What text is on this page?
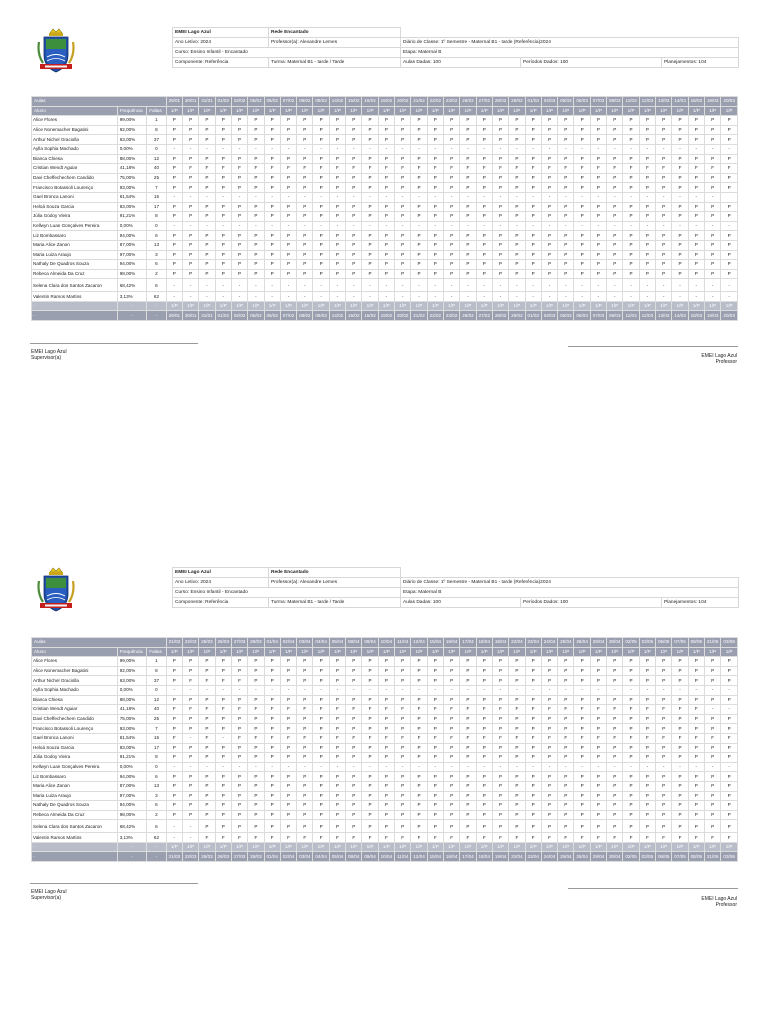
EMEI Lago Azul	Rede Encantado			
Ano Letivo: 2024	Professor(a): Alexandre Lemes	Diário de Classe: 1º Semestre - Maternal B1 - tarde (Referência)2024		
Curso: Ensino Infantil - Encantado		Etapa: Maternal B		
Componente: Referência	Turma: Maternal B1 - tarde / Tarde	Aulas Dadas: 100	Períodos Dados: 100	Planejamentos: 104
Aulas			29/01	30/01	31/01	01/02	02/02	05/02	06/02	07/02	08/02	09/02	14/02	15/02	16/02	19/02	20/02	21/02	22/02	23/02	26/02	27/02	28/02	29/02	01/03	04/03	05/03	06/03	07/03	08/03	11/03	12/03	13/03	14/03	18/03	19/03	20/03
Aluno	Frequência	Faltas	1/P	1/P	1/P	1/P	1/P	1/P	1/P	1/P	1/P	1/P	1/P	1/P	1/P	1/P	1/P	1/P	1/P	1/P	1/P	1/P	1/P	1/P	1/P	1/P	1/P	1/P	1/P	1/P	1/P	1/P	1/P	1/P	1/P	1/P	1/P
Alice Flores	99,00%	1	P	P	P	P	P	P	P	P	P	P	P	P	P	P	P	P	P	P	P	P	P	P	P	P	P	P	P	P	P	P	P	P	P	P	P
Alice Nonemacher Bagatini	92,00%	8	P	P	P	P	P	P	P	P	P	P	P	P	P	P	P	P	P	P	P	P	P	P	P	P	P	P	P	P	P	P	P	P	P	P	P
Arthur Nichel Graciolla	63,00%	37	P	P	P	P	P	P	P	P	P	P	P	P	P	P	P	P	P	P	P	P	P	P	P	P	P	P	P	P	P	P	P	P	P	P	P
Aylla Sophia Machado	0,00%	0	-	-	-	-	-	-	-	-	-	-	-	-	-	-	-	-	-	-	-	-	-	-	-	-	-	-	-	-	-	-	-	-	-	-	-
Bianca Chiesa	88,00%	12	P	P	P	P	P	P	P	P	P	P	P	P	P	P	P	P	P	P	P	P	P	P	P	P	P	P	P	P	P	P	P	P	P	P	P
Cristian Wendt Aguiar	41,18%	40	P	F	F	F	F	F	F	F	F	F	F	F	F	F	F	F	F	F	F	F	F	F	F	F	F	F	F	F	F	F	F	F	F	F	F
Davi Cheffechechem Candido	75,00%	25	P	P	P	P	P	P	P	P	P	P	P	P	P	P	P	P	P	P	P	P	P	P	P	P	P	P	P	P	P	P	P	P	P	P	P
Francisco Botassoli Lourenço	93,00%	7	P	P	P	P	P	P	P	P	P	P	P	P	P	P	P	P	P	P	P	P	P	P	P	P	P	P	P	P	P	P	P	P	P	P	P
Gael Bronca Lanoni	61,54%	15	-	-	-	-	-	-	-	-	-	-	-	-	-	-	-	-	-	-	-	-	-	-	-	-	-	-	-	-	-	-	-	-	-	-	
Heloá Souza Garcia	83,00%	17	P	P	P	P	P	P	P	P	P	P	P	P	P	P	P	P	P	P	P	P	P	P	P	P	P	P	P	P	P	P	P	P	P	P	P
Júlia Godoy Vieira	91,21%	8	P	P	P	P	P	P	P	P	P	P	P	P	P	P	P	P	P	P	P	P	P	P	P	P	P	P	P	P	P	P	P	P	P	P	P
Kellwyn Luan Gonçalves Pereira	0,00%	0	-	-	-	-	-	-	-	-	-	-	-	-	-	-	-	-	-	-	-	-	-	-	-	-	-	-	-	-	-	-	-	-	-	-	-
Liz Bombassaro	94,00%	6	P	P	P	P	P	P	P	P	P	P	P	P	P	P	P	P	P	P	P	P	P	P	P	P	P	P	P	P	P	P	P	P	P	P	P
Maria Alice Zanon	87,00%	13	P	P	P	P	P	P	P	P	P	P	P	P	P	P	P	P	P	P	P	P	P	P	P	P	P	P	P	P	P	P	P	P	P	P	P
Maria Luiza Araujo	97,00%	3	P	P	P	P	P	P	P	P	P	P	P	P	P	P	P	P	P	P	P	P	P	P	P	P	P	P	P	P	P	P	P	P	P	P	P
Nathaly De Quadros Souza	94,00%	6	P	P	P	P	P	P	P	P	P	P	P	P	P	P	P	P	P	P	P	P	P	P	P	P	P	P	P	P	P	P	P	P	P	P	P
Rebeca Almeida Da Cruz	98,00%	2	P	P	P	P	P	P	P	P	P	P	P	P	P	P	P	P	P	P	P	P	P	P	P	P	P	P	P	P	P	P	P	P	P	P	P
Selena Clara dos Santos Zacaron	68,42%	6	-	-	-	-	-	-	-	-	-	-	-	-	-	-	-	-	-	-	-	-	-	-	-	-	-	-	-	-	-	-	-	-	-	-	-
Valentin Ramos Martins	3,13%	62	-	-	-	-	-	-	-	-	-	-	-	-	-	-	-	-	-	-	-	-	-	-	-	-	-	-	-	-	-	-	-	-	-	-	-
-	-	-	1/P	1/P	1/P	1/P	1/P	1/P	1/P	1/P	1/P	1/P	1/P	1/P	1/P	1/P	1/P	1/P	1/P	1/P	1/P	1/P	1/P	1/P	1/P	1/P	1/P	1/P	1/P	1/P	1/P	1/P	1/P	1/P	1/P	1/P	1/P
-	-	-	29/01	30/01	31/01	01/02	02/02	05/02	06/02	07/02	08/02	09/02	14/02	15/02	16/02	19/02	20/02	21/02	22/02	23/02	26/02	27/02	28/02	29/02	01/03	04/03	05/03	06/03	07/03	08/03	11/03	12/03	13/03	14/03	18/03	19/03	20/03
EMEI Lago Azul
Supervisor(a)	EMEI Lago Azul
Professor
EMEI Lago Azul	Rede Encantado			
Ano Letivo: 2024	Professor(a): Alexandre Lemes	Diário de Classe: 1º Semestre - Maternal B1 - tarde (Referência)2024		
Curso: Ensino Infantil - Encantado		Etapa: Maternal B		
Componente: Referência	Turma: Maternal B1 - tarde / Tarde	Aulas Dadas: 100	Períodos Dados: 100	Planejamentos: 104
Aulas			21/03	22/03	25/03	26/03	27/03	28/03	01/04	02/04	03/04	04/04	05/04	08/04	09/04	10/04	11/04	12/04	15/04	16/04	17/04	18/04	19/04	22/04	23/04	24/04	25/04	26/04	29/04	30/04	02/05	03/05	06/05	07/05	08/05	21/05	03/06
Aluno	Frequência	Faltas	1/P	1/P	1/P	1/P	1/P	1/P	1/P	1/P	1/P	1/P	1/P	1/P	1/P	1/P	1/P	1/P	1/P	1/P	1/P	1/P	1/P	1/P	1/P	1/P	1/P	1/P	1/P	1/P	1/P	1/P	1/P	1/P	1/P	1/P	1/P
Alice Flores	99,00%	1	P	P	P	P	P	P	P	P	P	P	P	P	P	P	P	P	P	P	P	P	P	P	P	P	P	P	P	P	P	P	P	P	P	P	P
Alice Nonemacher Bagatini	92,00%	8	P	P	P	P	P	P	P	P	P	P	P	P	P	P	P	P	P	P	P	P	P	P	P	P	P	P	P	P	P	P	P	P	P	P	P
Arthur Nichel Graciolla	63,00%	37	P	F	F	F	F	P	P	P	P	P	P	P	P	P	P	P	P	P	P	P	P	P	P	P	P	P	P	P	P	P	P	P	P	P	P
Aylla Sophia Machado	0,00%	0	-	-	-	-	-	-	-	-	-	-	-	-	-	-	-	-	-	-	-	-	-	-	-	-	-	-	-	-	-	-	-	-	-	-	-
Bianca Chiesa	88,00%	12	P	P	P	P	P	P	P	P	P	P	P	P	P	P	P	P	P	P	P	P	P	P	P	P	P	P	P	P	P	P	P	P	P	P	P
Cristian Wendt Aguiar	41,18%	40	F	F	F	F	F	F	F	F	F	F	F	F	F	F	F	F	F	F	F	F	F	F	F	F	F	F	F	F	F	F	F	F	F	-	-
Davi Cheffechechem Candido	75,00%	25	P	P	P	P	P	P	P	P	P	P	P	P	P	P	P	P	P	P	P	P	P	P	P	P	P	P	P	P	P	P	P	P	P	P	P
Francisco Botassoli Lourenço	93,00%	7	P	P	P	P	P	P	P	P	P	P	P	P	P	P	P	P	P	P	P	P	P	P	P	P	P	P	P	P	P	P	P	P	P	P	P
Gael Bronca Lanoni	61,54%	15	F	-	F	-	F	F	F	F	F	F	F	F	F	F	F	F	F	F	F	F	F	F	F	F	F	F	F	F	F	F	F	F	F	F	F
Heloá Souza Garcia	83,00%	17	P	P	P	P	P	P	P	P	P	P	P	P	P	P	P	P	P	P	P	P	P	P	P	P	P	P	P	P	P	P	P	P	P	P	P
Júlia Godoy Vieira	91,21%	8	P	P	P	P	P	P	P	P	P	P	P	P	P	P	P	P	P	P	P	P	P	P	P	P	P	P	P	P	P	P	P	P	P	P	P
Kellwyn Luan Gonçalves Pereira	0,00%	0	-	-	-	-	-	-	-	-	-	-	-	-	-	-	-	-	-	-	-	-	-	-	-	-	-	-	-	-	-	-	-	-	-	-	-
Liz Bombassaro	94,00%	6	P	P	P	P	P	P	P	P	P	P	P	P	P	P	P	P	P	P	P	P	P	P	P	P	P	P	P	P	P	P	P	P	P	P	P
Maria Alice Zanon	87,00%	13	P	P	P	P	P	P	P	P	P	P	P	P	P	P	P	P	P	P	P	P	P	P	P	P	P	P	P	P	P	P	P	P	P	P	P
Maria Luiza Araujo	97,00%	3	P	P	P	P	P	P	P	P	P	P	P	P	P	P	P	P	P	P	P	P	P	P	P	P	P	P	P	P	P	P	P	P	P	P	P
Nathaly De Quadros Souza	94,00%	6	P	P	P	P	P	P	P	P	P	P	P	P	P	P	P	P	P	P	P	P	P	P	P	P	P	P	P	P	P	P	P	P	P	P	P
Rebeca Almeida Da Cruz	98,00%	2	P	P	P	P	P	P	P	P	P	P	P	P	P	P	P	P	P	P	P	P	P	P	P	P	P	P	P	P	P	P	P	P	P	P	P
Selena Clara dos Santos Zacaron	68,42%	6	-	-	P	P	P	P	P	P	P	P	P	P	P	P	P	P	P	P	P	P	P	P	P	P	P	P	P	P	P	P	P	P	P	P	P
Valentin Ramos Martins	3,13%	62	-	-	F	F	F	F	F	F	F	F	F	F	F	F	F	F	F	F	F	F	F	F	F	F	F	F	F	F	F	F	F	F	F	F	F
-	-	-	1/P	1/P	1/P	1/P	1/P	1/P	1/P	1/P	1/P	1/P	1/P	1/P	1/P	1/P	1/P	1/P	1/P	1/P	1/P	1/P	1/P	1/P	1/P	1/P	1/P	1/P	1/P	1/P	1/P	1/P	1/P	1/P	1/P	1/P	1/P
-	-	-	21/03	22/03	25/03	26/03	27/03	28/03	01/04	02/04	03/04	04/04	05/04	08/04	09/04	10/04	11/04	12/04	15/04	16/04	17/04	18/04	19/04	22/04	23/04	24/04	25/04	26/04	29/04	30/04	02/05	03/05	06/05	07/05	08/05	21/05	03/06
EMEI Lago Azul
Supervisor(a)	EMEI Lago Azul
Professor
